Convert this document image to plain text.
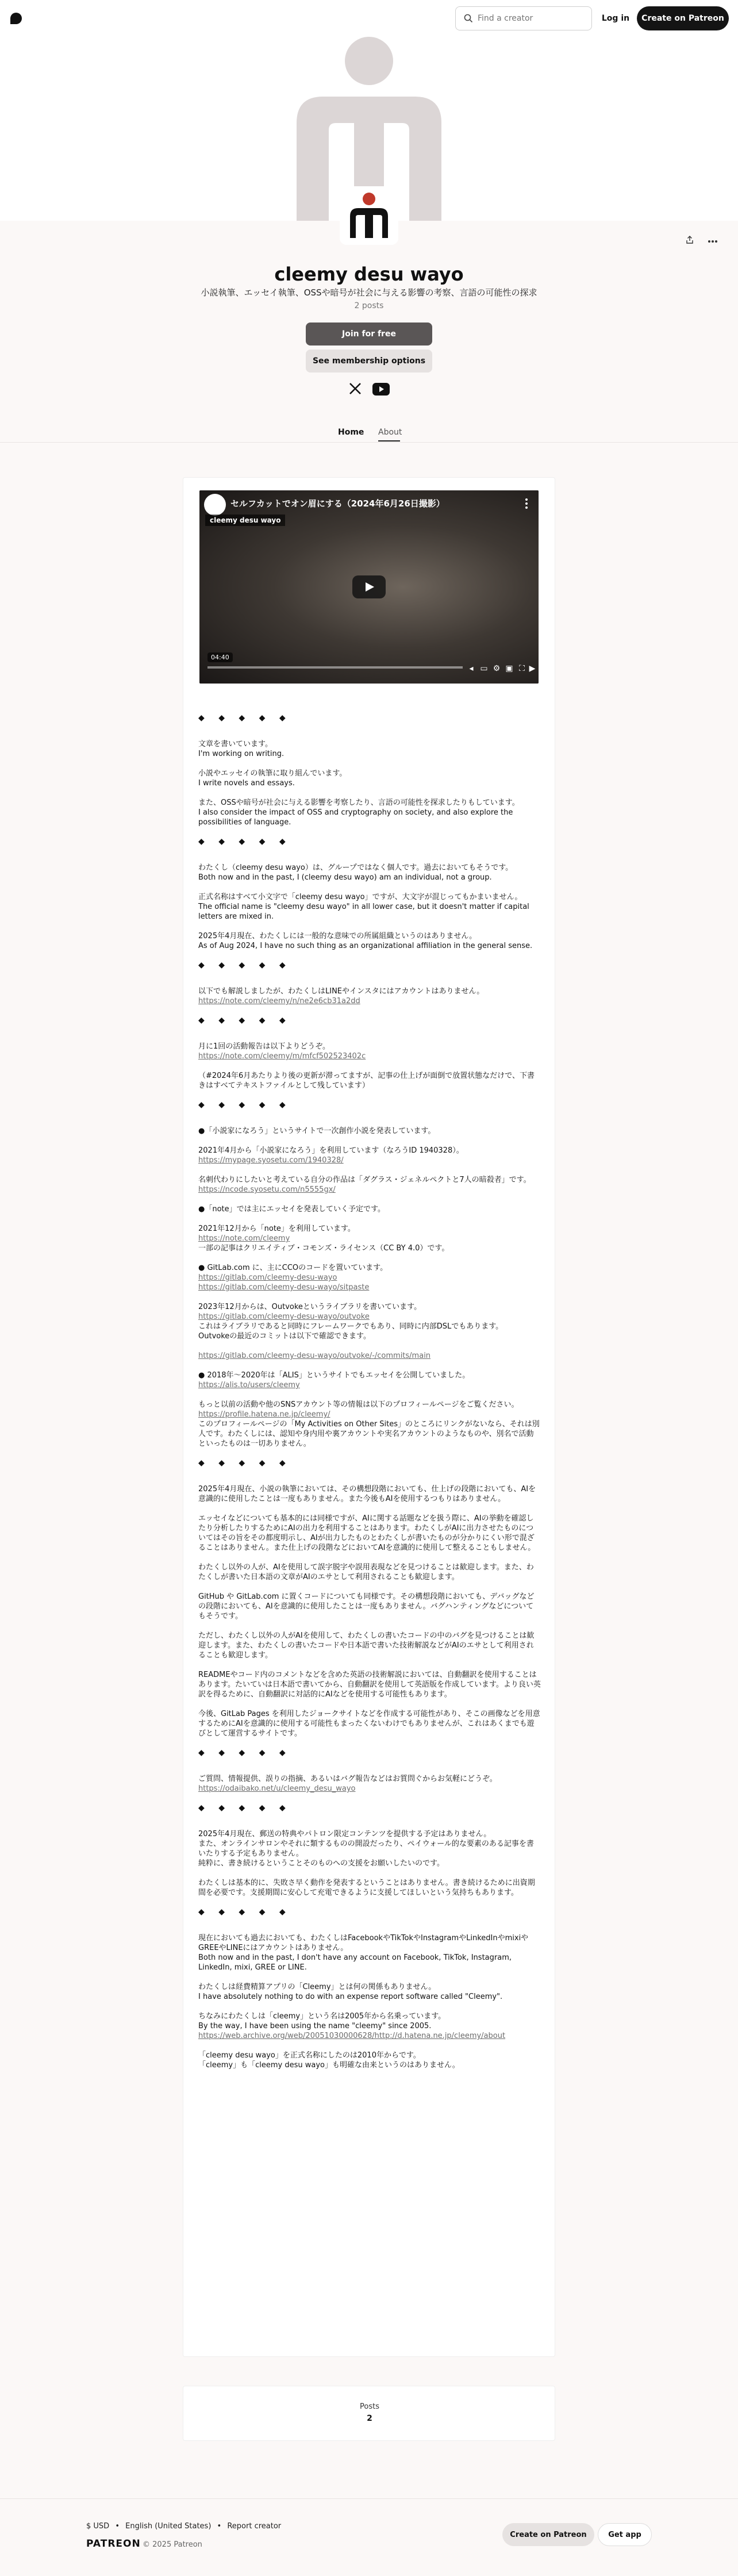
Find a creator
Log in	Create on Patreon
cleemy desu wayo
小説執筆、エッセイ執筆、OSSや暗号が社会に与える影響の考察、言語の可能性の探求
2 posts
Join for free
See membership options
Home About
セルフカットでオン眉にする（2024年6月26日撮影）
cleemy desu wayo
04:40
◂ ▭ ⚙ ▣ ⛶ ▶

◆ ◆ ◆ ◆ ◆

文章を書いています。
I'm working on writing.

小説やエッセイの執筆に取り組んでいます。
I write novels and essays.

また、OSSや暗号が社会に与える影響を考察したり、言語の可能性を探求したりもしています。
I also consider the impact of OSS and cryptography on society, and also explore the possibilities of language.

◆ ◆ ◆ ◆ ◆

わたくし（cleemy desu wayo）は、グループではなく個人です。過去においてもそうです。
Both now and in the past, I (cleemy desu wayo) am an individual, not a group.

正式名称はすべて小文字で「cleemy desu wayo」ですが、大文字が混じってもかまいません。
The official name is "cleemy desu wayo" in all lower case, but it doesn't matter if capital letters are mixed in.

2025年4月現在、わたくしには一般的な意味での所属組織というのはありません。
As of Aug 2024, I have no such thing as an organizational affiliation in the general sense.

◆ ◆ ◆ ◆ ◆

以下でも解説しましたが、わたくしはLINEやインスタにはアカウントはありません。
https://note.com/cleemy/n/ne2e6cb31a2dd

◆ ◆ ◆ ◆ ◆

月に1回の活動報告は以下よりどうぞ。
https://note.com/cleemy/m/mfcf502523402c

（#2024年6月あたりより後の更新が滞ってますが、記事の仕上げが面倒で放置状態なだけで、下書きはすべてテキストファイルとして残しています）

◆ ◆ ◆ ◆ ◆

●「小説家になろう」というサイトで一次創作小説を発表しています。

2021年4月から「小説家になろう」を利用しています（なろうID 1940328）。
https://mypage.syosetu.com/1940328/

名刺代わりにしたいと考えている自分の作品は「ダグラス・ジェネルペクトと7人の暗殺者」です。
https://ncode.syosetu.com/n5555gx/

●「note」では主にエッセイを発表していく予定です。

2021年12月から「note」を利用しています。
https://note.com/cleemy
一部の記事はクリエイティブ・コモンズ・ライセンス（CC BY 4.0）です。

● GitLab.com に、主にCCOのコードを置いています。
https://gitlab.com/cleemy-desu-wayo
https://gitlab.com/cleemy-desu-wayo/sitpaste

2023年12月からは、Outvokeというライブラリを書いています。
https://gitlab.com/cleemy-desu-wayo/outvoke
これはライブラリであると同時にフレームワークでもあり、同時に内部DSLでもあります。
Outvokeの最近のコミットは以下で確認できます。

https://gitlab.com/cleemy-desu-wayo/outvoke/-/commits/main

● 2018年〜2020年は「ALIS」というサイトでもエッセイを公開していました。
https://alis.to/users/cleemy

もっと以前の活動や他のSNSアカウント等の情報は以下のプロフィールページをご覧ください。
https://profile.hatena.ne.jp/cleemy/
このプロフィールページの「My Activities on Other Sites」のところにリンクがないなら、それは別人です。わたくしには、認知や身内用や裏アカウントや実名アカウントのようなものや、別名で活動といったものは一切ありません。

◆ ◆ ◆ ◆ ◆

2025年4月現在、小説の執筆においては、その構想段階においても、仕上げの段階においても、AIを意識的に使用したことは一度もありません。また今後もAIを使用するつもりはありません。

エッセイなどについても基本的には同様ですが、AIに関する話題などを扱う際に、AIの挙動を確認したり分析したりするためにAIの出力を利用することはあります。わたくしがAIに出力させたものについてはその旨をその都度明示し、AIが出力したものとわたくしが書いたものが分かりにくい形で混ざることはありません。また仕上げの段階などにおいてAIを意識的に使用して整えることもしません。

わたくし以外の人が、AIを使用して誤字脱字や誤用表現などを見つけることは歓迎します。また、わたくしが書いた日本語の文章がAIのエサとして利用されることも歓迎します。

GitHub や GitLab.com に置くコードについても同様です。その構想段階においても、デバッグなどの段階においても、AIを意識的に使用したことは一度もありません。バグハンティングなどについてもそうです。

ただし、わたくし以外の人がAIを使用して、わたくしの書いたコードの中のバグを見つけることは歓迎します。また、わたくしの書いたコードや日本語で書いた技術解説などがAIのエサとして利用されることも歓迎します。

READMEやコード内のコメントなどを含めた英語の技術解説においては、自動翻訳を使用することはあります。たいていは日本語で書いてから、自動翻訳を使用して英語版を作成しています。より良い英訳を得るために、自動翻訳に対話的にAIなどを使用する可能性もあります。

今後、GitLab Pages を利用したジョークサイトなどを作成する可能性があり、そこの画像などを用意するためにAIを意識的に使用する可能性もまったくないわけでもありませんが、これはあくまでも遊びとして運営するサイトです。

◆ ◆ ◆ ◆ ◆

ご質問、情報提供、誤りの指摘、あるいはバグ報告などはお質問ぐからお気軽にどうぞ。
https://odaibako.net/u/cleemy_desu_wayo

◆ ◆ ◆ ◆ ◆

2025年4月現在、郵送の特典やパトロン限定コンテンツを提供する予定はありません。
また、オンラインサロンやそれに類するものの開設だったり、ペイウォール的な要素のある記事を書いたりする予定もありません。
純粋に、書き続けるということそのものへの支援をお願いしたいのです。

わたくしは基本的に、失敗さ早く動作を発表するということはありません。書き続けるために出資期間を必要です。支援期間に安心して充電できるように支援してほしいという気持ちもあります。

◆ ◆ ◆ ◆ ◆

現在においても過去においても、わたくしはFacebookやTikTokやInstagramやLinkedInやmixiやGREEやLINEにはアカウントはありません。
Both now and in the past, I don't have any account on Facebook, TikTok, Instagram, LinkedIn, mixi, GREE or LINE.

わたくしは経費精算アプリの「Cleemy」とは何の関係もありません。
I have absolutely nothing to do with an expense report software called "Cleemy".

ちなみにわたくしは「cleemy」という名は2005年から名乗っています。
By the way, I have been using the name "cleemy" since 2005.
https://web.archive.org/web/20051030000628/http://d.hatena.ne.jp/cleemy/about

「cleemy desu wayo」を正式名称にしたのは2010年からです。
「cleemy」も「cleemy desu wayo」も明確な由来というのはありません。

Posts
2
$ USD • English (United States) • Report creator
PATREON © 2025 Patreon
Create on Patreon	Get app
